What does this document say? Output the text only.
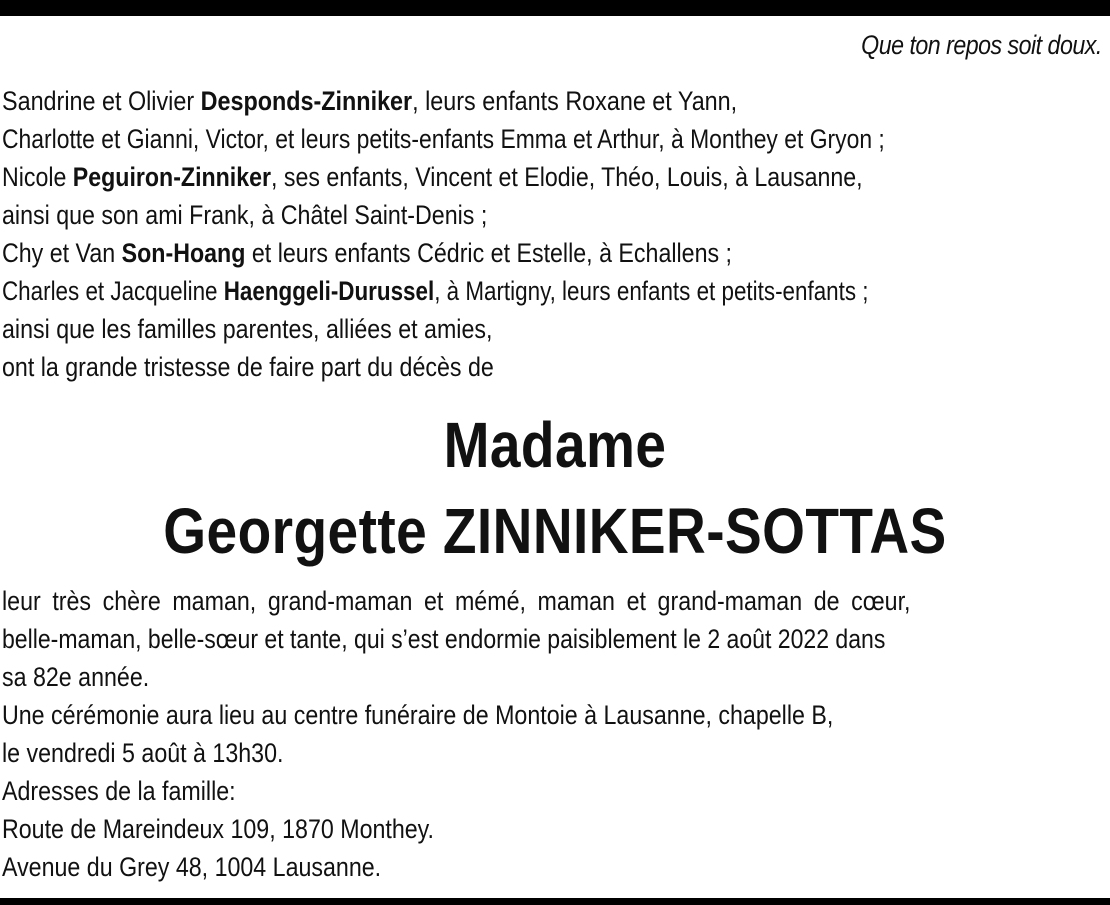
Que ton repos soit doux.
Sandrine et Olivier Desponds-Zinniker, leurs enfants Roxane et Yann,
Charlotte et Gianni, Victor, et leurs petits-enfants Emma et Arthur, à Monthey et Gryon ;
Nicole Peguiron-Zinniker, ses enfants, Vincent et Elodie, Théo, Louis, à Lausanne,
ainsi que son ami Frank, à Châtel Saint-Denis ;
Chy et Van Son-Hoang et leurs enfants Cédric et Estelle, à Echallens ;
Charles et Jacqueline Haenggeli-Durussel, à Martigny, leurs enfants et petits-enfants ;
ainsi que les familles parentes, alliées et amies,
ont la grande tristesse de faire part du décès de
Madame
Georgette ZINNIKER-SOTTAS
leur très chère maman, grand-maman et mémé, maman et grand-maman de cœur,
belle-maman, belle-sœur et tante, qui s’est endormie paisiblement le 2 août 2022 dans
sa 82e année.
Une cérémonie aura lieu au centre funéraire de Montoie à Lausanne, chapelle B,
le vendredi 5 août à 13h30.
Adresses de la famille:
Route de Mareindeux 109, 1870 Monthey.
Avenue du Grey 48, 1004 Lausanne.
